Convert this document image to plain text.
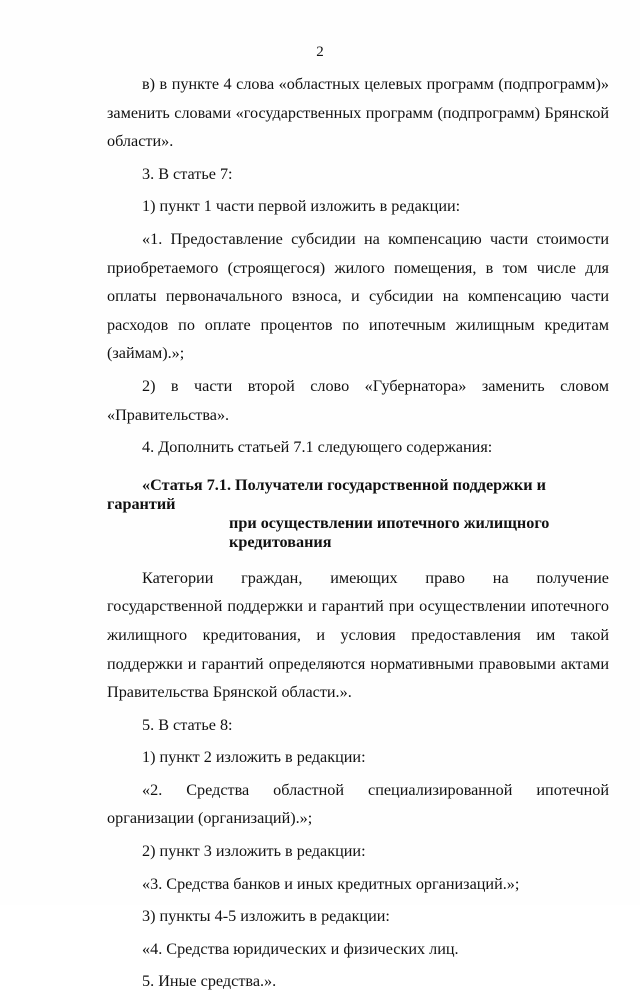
2

в) в пункте 4 слова «областных целевых программ (подпрограмм)» заменить словами «государственных программ (подпрограмм) Брянской области».

3. В статье 7:

1) пункт 1 части первой изложить в редакции:

«1. Предоставление субсидии на компенсацию части стоимости приобретаемого (строящегося) жилого помещения, в том числе для оплаты первоначального взноса, и субсидии на компенсацию части расходов по оплате процентов по ипотечным жилищным кредитам (займам).»;

2) в части второй слово «Губернатора» заменить словом «Правительства».

4. Дополнить статьей 7.1 следующего содержания:

«Статья 7.1. Получатели государственной поддержки и гарантий
при осуществлении ипотечного жилищного
кредитования

Категории граждан, имеющих право на получение государственной поддержки и гарантий при осуществлении ипотечного жилищного кредитования, и условия предоставления им такой поддержки и гарантий определяются нормативными правовыми актами Правительства Брянской области.».

5. В статье 8:

1) пункт 2 изложить в редакции:

«2. Средства областной специализированной ипотечной организации (организаций).»;

2) пункт 3 изложить в редакции:

«3. Средства банков и иных кредитных организаций.»;

3) пункты 4-5 изложить в редакции:

«4. Средства юридических и физических лиц.

5. Иные средства.».
